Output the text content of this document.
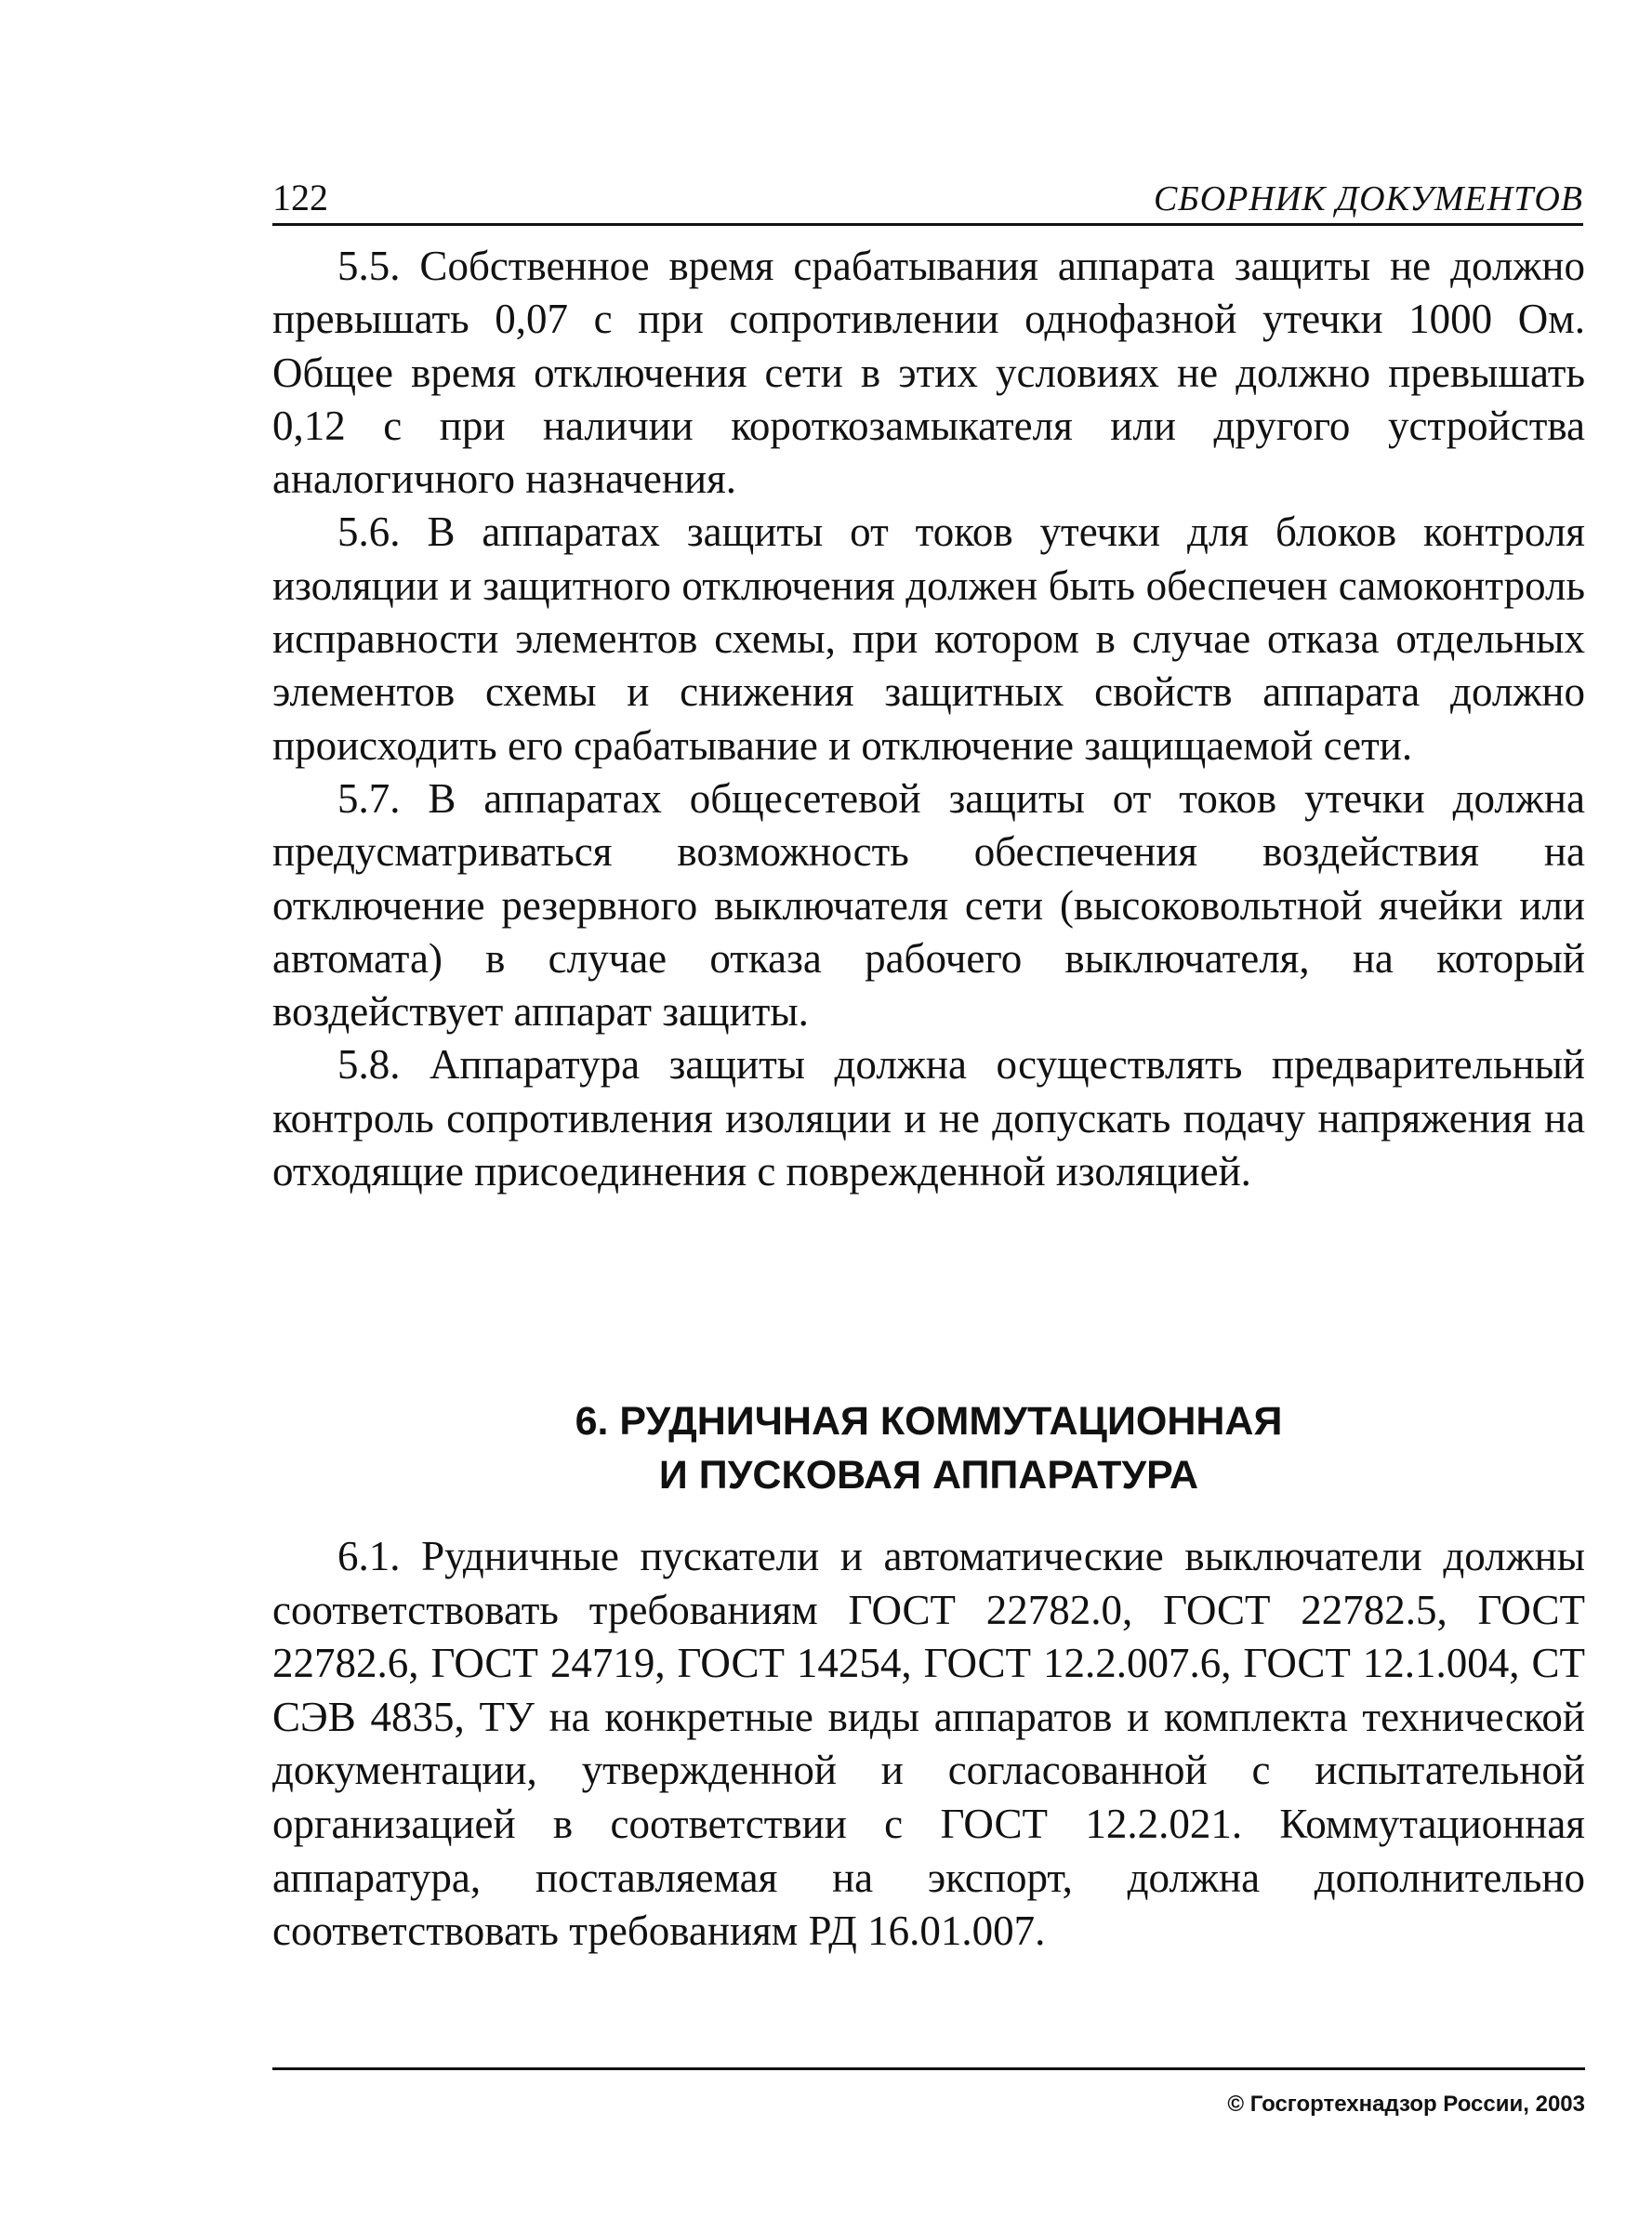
122	СБОРНИК ДОКУМЕНТОВ

5.5. Собственное время срабатывания аппарата защиты не должно превышать 0,07 с при сопротивлении однофазной утечки 1000 Ом. Общее время отключения сети в этих условиях не должно превышать 0,12 с при наличии короткозамыкателя или другого устройства аналогичного назначения.

5.6. В аппаратах защиты от токов утечки для блоков контроля изоляции и защитного отключения должен быть обеспечен самоконтроль исправности элементов схемы, при котором в случае отказа отдельных элементов схемы и снижения защитных свойств аппарата должно происходить его срабатывание и отключение защищаемой сети.

5.7. В аппаратах общесетевой защиты от токов утечки должна предусматриваться возможность обеспечения воздействия на отключение резервного выключателя сети (высоковольтной ячейки или автомата) в случае отказа рабочего выключателя, на который воздействует аппарат защиты.

5.8. Аппаратура защиты должна осуществлять предварительный контроль сопротивления изоляции и не допускать подачу напряжения на отходящие присоединения с поврежденной изоляцией.

6. РУДНИЧНАЯ КОММУТАЦИОННАЯ
И ПУСКОВАЯ АППАРАТУРА

6.1. Рудничные пускатели и автоматические выключатели должны соответствовать требованиям ГОСТ 22782.0, ГОСТ 22782.5, ГОСТ 22782.6, ГОСТ 24719, ГОСТ 14254, ГОСТ 12.2.007.6, ГОСТ 12.1.004, СТ СЭВ 4835, ТУ на конкретные виды аппаратов и комплекта технической документации, утвержденной и согласованной с испытательной организацией в соответствии с ГОСТ 12.2.021. Коммутационная аппаратура, поставляемая на экспорт, должна дополнительно соответствовать требованиям РД 16.01.007.

© Госгортехнадзор России, 2003
